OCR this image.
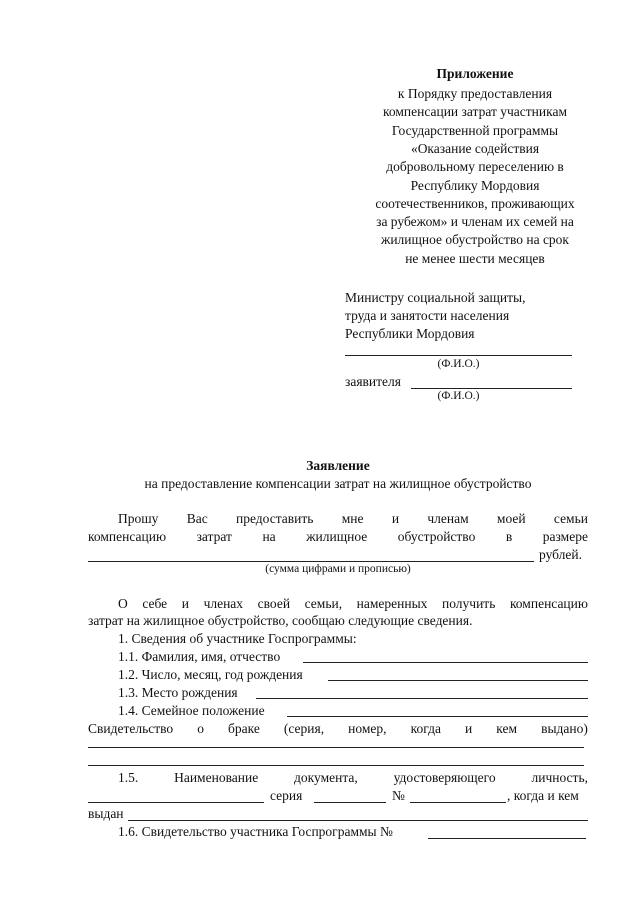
Приложение
к Порядку предоставления
компенсации затрат участникам
Государственной программы
«Оказание содействия
добровольному переселению в
Республику Мордовия
соотечественников, проживающих
за рубежом» и членам их семей на
жилищное обустройство на срок
не менее шести месяцев
Министру социальной защиты,
труда и занятости населения
Республики Мордовия
(Ф.И.О.)
заявителя
(Ф.И.О.)
Заявление
на предоставление компенсации затрат на жилищное обустройство
Прошу Вас предоставить мне и членам моей семьи
компенсацию затрат на жилищное обустройство в размере
рублей.
(сумма цифрами и прописью)
О себе и членах своей семьи, намеренных получить компенсацию
затрат на жилищное обустройство, сообщаю следующие сведения.
1. Сведения об участнике Госпрограммы:
1.1. Фамилия, имя, отчество
1.2. Число, месяц, год рождения
1.3. Место рождения
1.4. Семейное положение
Свидетельство о браке (серия, номер, когда и кем выдано)
1.5.	Наименование	документа,	удостоверяющего	личность,
серия	№	, когда и кем
выдан
1.6. Свидетельство участника Госпрограммы №
